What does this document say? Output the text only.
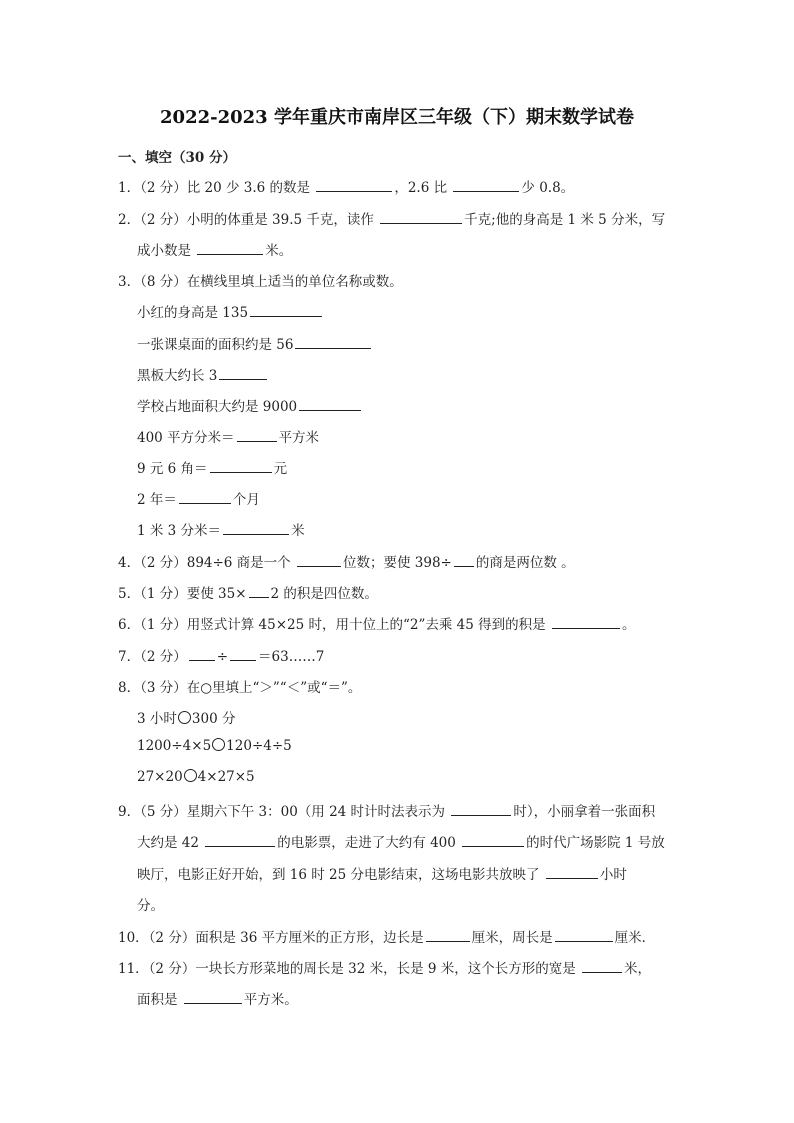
2022-2023 学年重庆市南岸区三年级（下）期末数学试卷
一、填空（30 分）
1．（2 分）比 20 少 3.6 的数是	，2.6 比	少 0.8。
2．（2 分）小明的体重是 39.5 千克，读作	千克;他的身高是 1 米 5 分米，写
成小数是	米。
3．（8 分）在横线里填上适当的单位名称或数。
小红的身高是 135
一张课桌面的面积约是 56
黑板大约长 3
学校占地面积大约是 9000
400 平方分米＝	平方米
9 元 6 角＝	元
2 年＝	个月
1 米 3 分米＝	米
4．（2 分）894÷6 商是一个	位数；要使 398÷ 的商是两位数 。
5．（1 分）要使 35× 2 的积是四位数。
6．（1 分）用竖式计算 45×25 时，用十位上的“2”去乘 45 得到的积是	。
7．（2 分） ÷ ＝63……7
8．（3 分）在○里填上“＞”“＜”或“＝”。
3 小时 300 分
1200÷4×5 120÷4÷5
27×20 4×27×5
9．（5 分）星期六下午 3：00（用 24 时计时法表示为	时），小丽拿着一张面积
大约是 42	的电影票，走进了大约有 400	的时代广场影院 1 号放
映厅，电影正好开始，到 16 时 25 分电影结束，这场电影共放映了	小时
分。
10．（2 分）面积是 36 平方厘米的正方形，边长是	厘米，周长是	厘米．
11．（2 分）一块长方形菜地的周长是 32 米，长是 9 米，这个长方形的宽是	米，
面积是	平方米。
